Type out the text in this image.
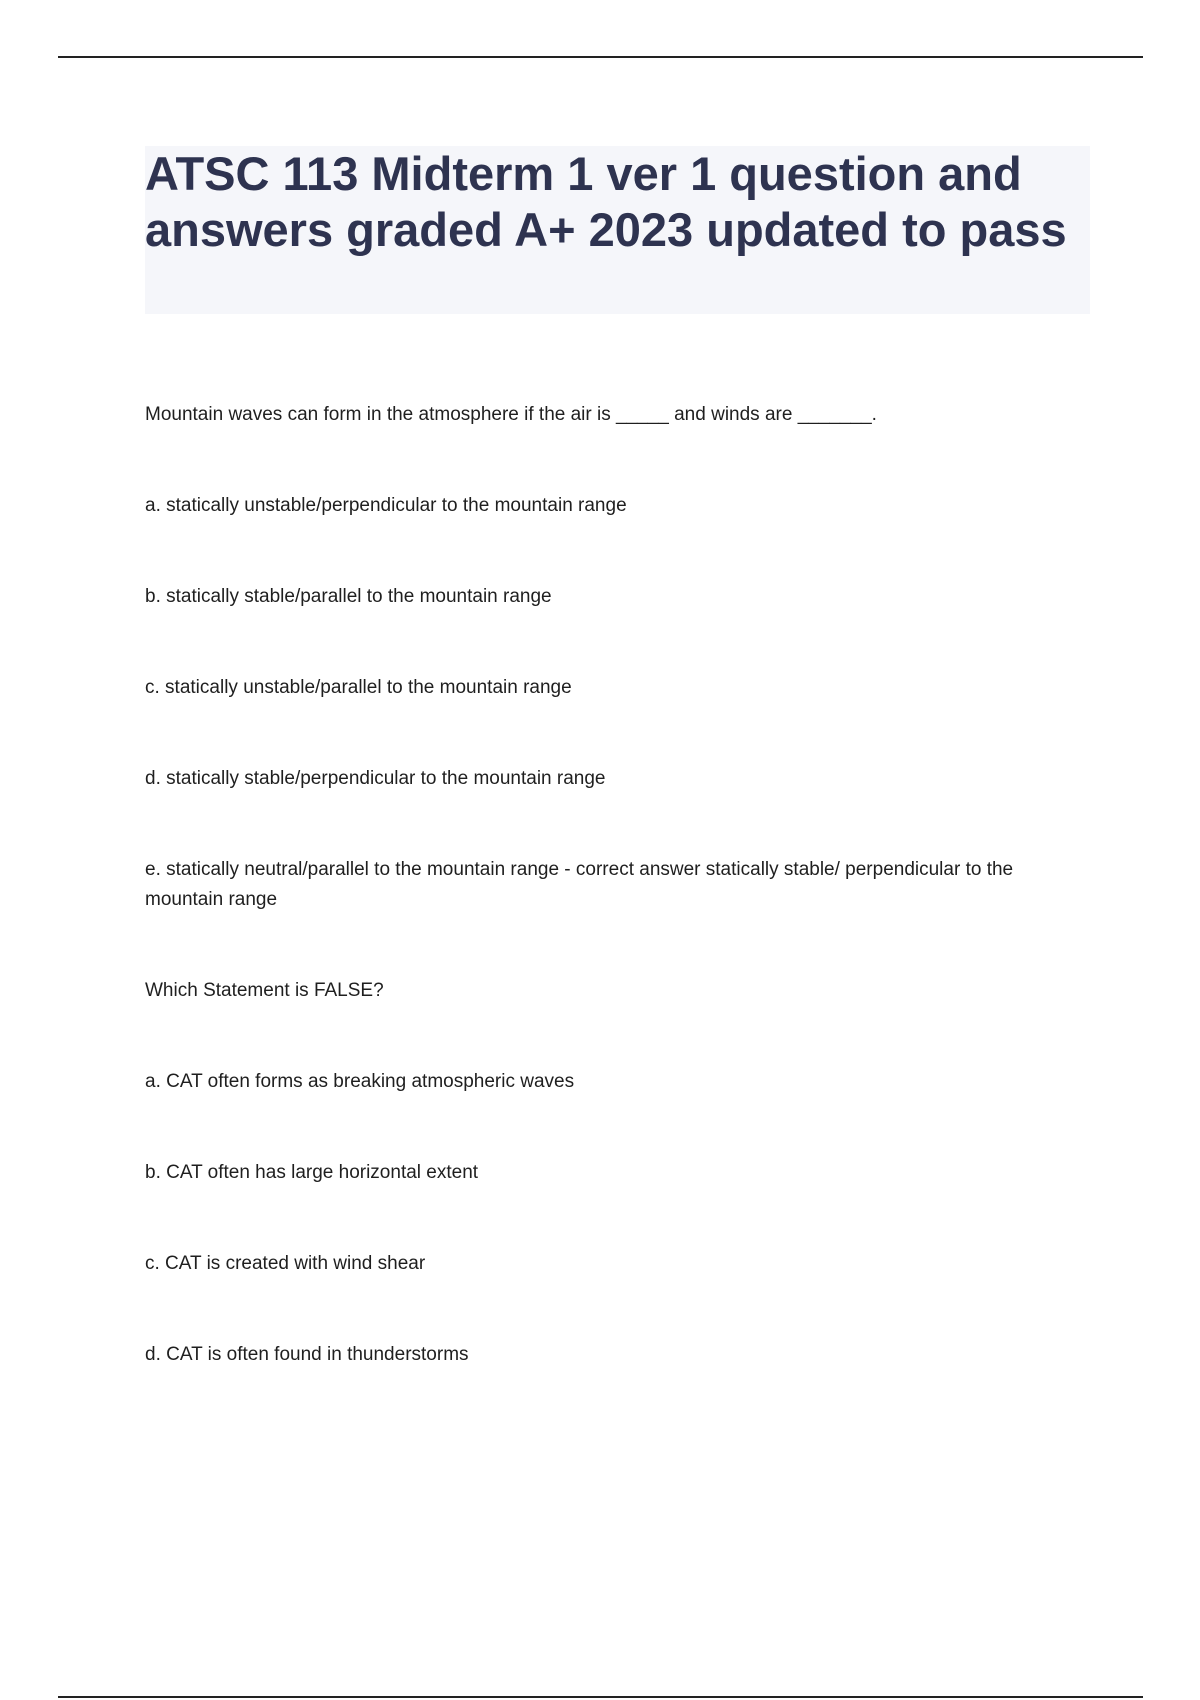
ATSC 113 Midterm 1 ver 1 question and answers graded A+ 2023 updated to pass

Mountain waves can form in the atmosphere if the air is _____ and winds are _______.

a. statically unstable/perpendicular to the mountain range

b. statically stable/parallel to the mountain range

c. statically unstable/parallel to the mountain range

d. statically stable/perpendicular to the mountain range

e. statically neutral/parallel to the mountain range - correct answer statically stable/ perpendicular to the mountain range

Which Statement is FALSE?

a. CAT often forms as breaking atmospheric waves

b. CAT often has large horizontal extent

c. CAT is created with wind shear

d. CAT is often found in thunderstorms
